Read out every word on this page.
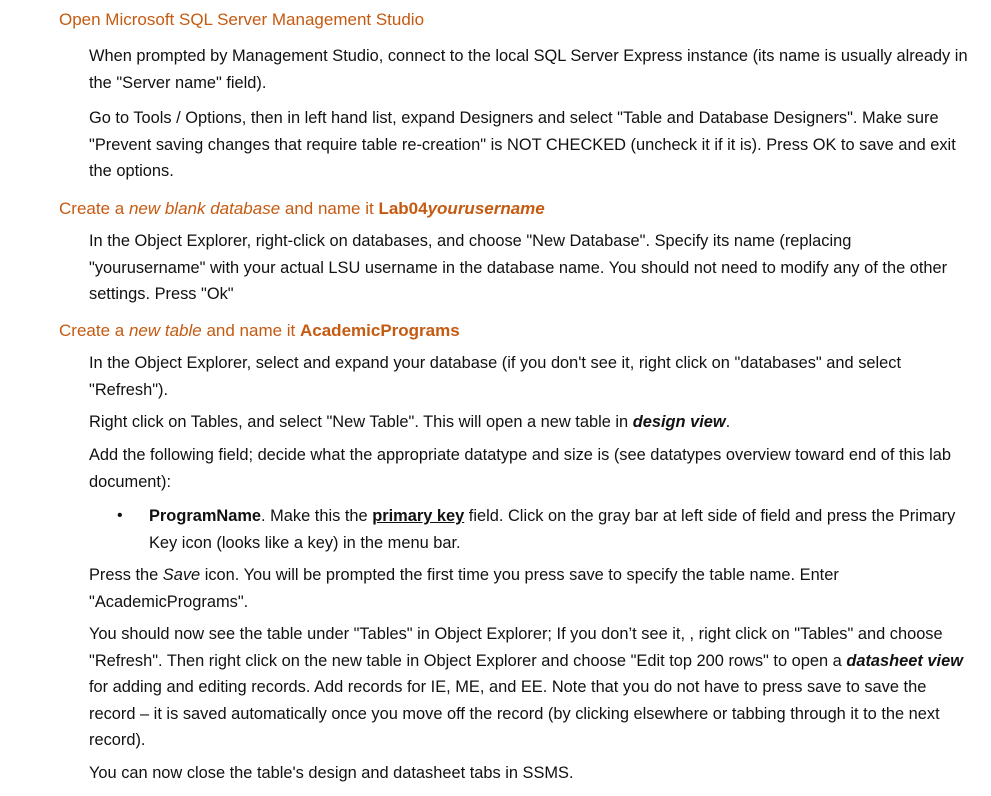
Open Microsoft SQL Server Management Studio
When prompted by Management Studio, connect to the local SQL Server Express instance (its name is usually already in the "Server name" field).
Go to Tools / Options, then in left hand list, expand Designers and select "Table and Database Designers". Make sure "Prevent saving changes that require table re-creation" is NOT CHECKED (uncheck it if it is). Press OK to save and exit the options.
Create a new blank database and name it Lab04yourusername
In the Object Explorer, right-click on databases, and choose "New Database". Specify its name (replacing "yourusername" with your actual LSU username in the database name. You should not need to modify any of the other settings. Press "Ok"
Create a new table and name it AcademicPrograms
In the Object Explorer, select and expand your database (if you don't see it, right click on "databases" and select "Refresh").
Right click on Tables, and select "New Table". This will open a new table in design view.
Add the following field; decide what the appropriate datatype and size is (see datatypes overview toward end of this lab document):
• ProgramName. Make this the primary key field. Click on the gray bar at left side of field and press the Primary Key icon (looks like a key) in the menu bar.
Press the Save icon. You will be prompted the first time you press save to specify the table name. Enter "AcademicPrograms".
You should now see the table under "Tables" in Object Explorer; If you don’t see it, , right click on "Tables" and choose "Refresh". Then right click on the new table in Object Explorer and choose "Edit top 200 rows" to open a datasheet view for adding and editing records. Add records for IE, ME, and EE. Note that you do not have to press save to save the record – it is saved automatically once you move off the record (by clicking elsewhere or tabbing through it to the next record).
You can now close the table's design and datasheet tabs in SSMS.
